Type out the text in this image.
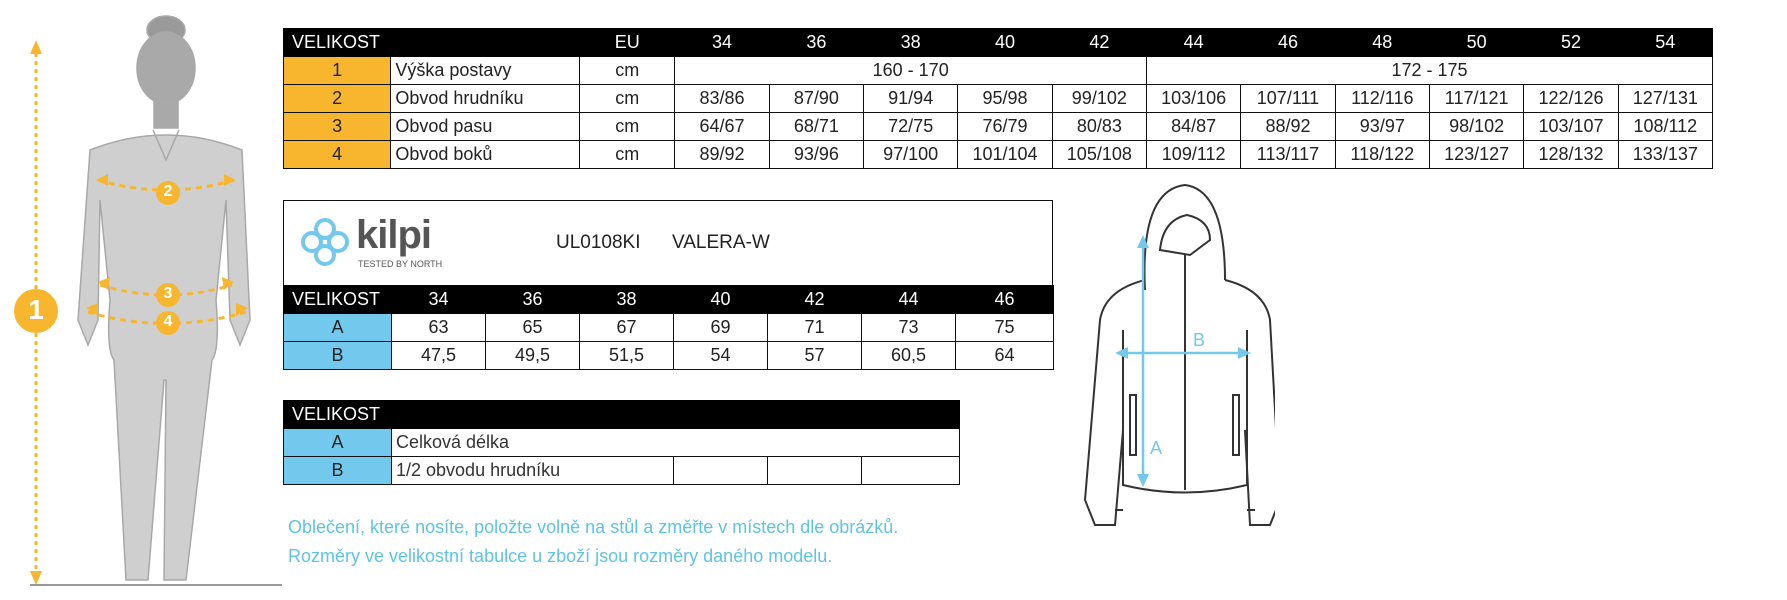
1
2
3
4
VELIKOST		EU	34	36	38	40	42	44	46	48	50	52	54
1	Výška postavy	cm	160 - 170					172 - 175					
2	Obvod hrudníku	cm	83/86	87/90	91/94	95/98	99/102	103/106	107/111	112/116	117/121	122/126	127/131
3	Obvod pasu	cm	64/67	68/71	72/75	76/79	80/83	84/87	88/92	93/97	98/102	103/107	108/112
4	Obvod boků	cm	89/92	93/96	97/100	101/104	105/108	109/112	113/117	118/122	123/127	128/132	133/137
kilpi
TESTED BY NORTH
UL0108KI VALERA-W
VELIKOST	34	36	38	40	42	44	46
A	63	65	67	69	71	73	75
B	47,5	49,5	51,5	54	57	60,5	64
VELIKOST				
A	Celková délka			
B	1/2 obvodu hrudníku			
Oblečení, které nosíte, položte volně na stůl a změřte v místech dle obrázků.
Rozměry ve velikostní tabulce u zboží jsou rozměry daného modelu.
B
A
